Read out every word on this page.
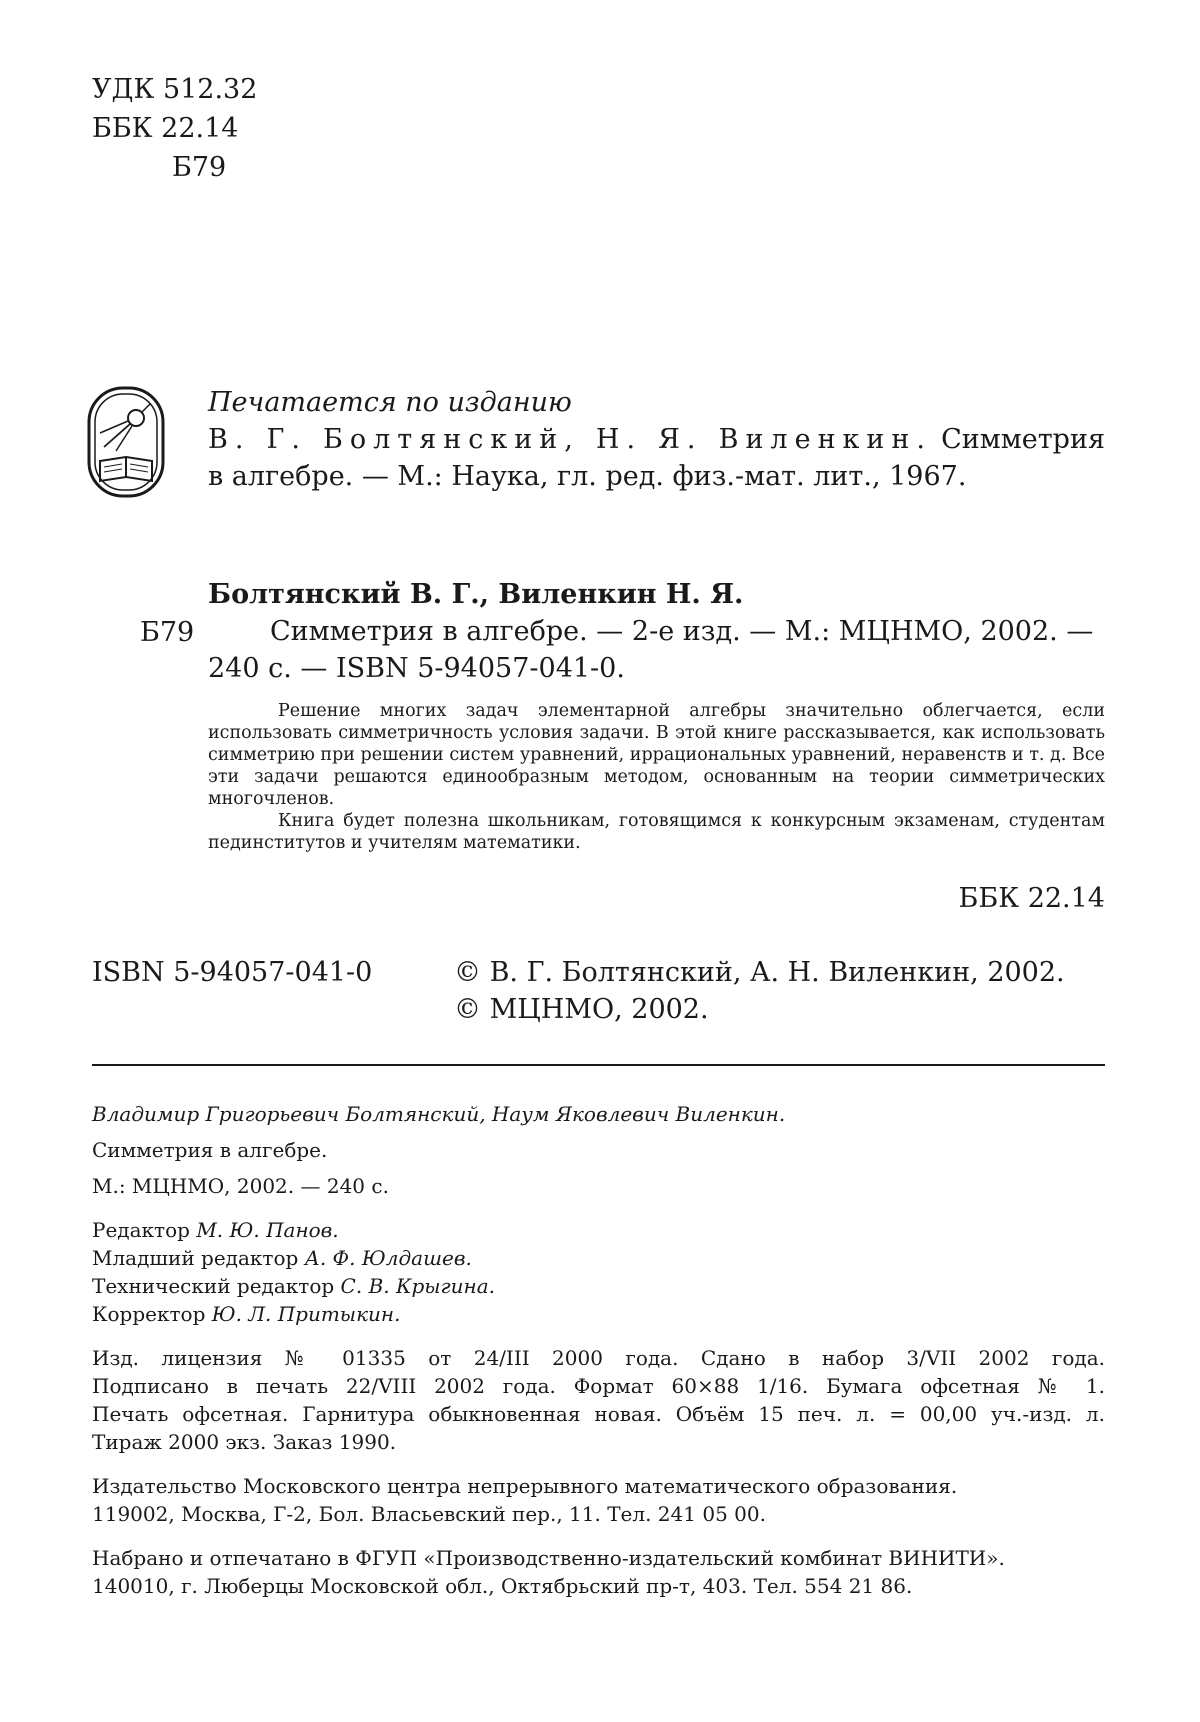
УДК 512.32
ББК 22.14
Б79
Печатается по изданию
В. Г. Болтянский, Н. Я. Виленкин. Симметрия
в алгебре. — М.: Наука, гл. ред. физ.-мат. лит., 1967.
Болтянский В. Г., Виленкин Н. Я.
Симметрия в алгебре. — 2-е изд. — М.: МЦНМО, 2002. —
240 с. — ISBN 5-94057-041-0.
Б79

Решение многих задач элементарной алгебры значительно облегчается, если использовать симметричность условия задачи. В этой книге рассказывается, как использовать симметрию при решении систем уравнений, иррациональных уравнений, неравенств и т. д. Все эти задачи решаются единообразным методом, основанным на теории симметрических многочленов.

Книга будет полезна школьникам, готовящимся к конкурсным экзаменам, студентам пединститутов и учителям математики.

ББК 22.14
ISBN 5-94057-041-0	© В. Г. Болтянский, А. Н. Виленкин, 2002.
© МЦНМО, 2002.
Владимир Григорьевич Болтянский, Наум Яковлевич Виленкин.
Симметрия в алгебре.
М.: МЦНМО, 2002. — 240 с.
Редактор М. Ю. Панов.
Младший редактор А. Ф. Юлдашев.
Технический редактор С. В. Крыгина.
Корректор Ю. Л. Притыкин.
Изд. лицензия № 01335 от 24/III 2000 года. Сдано в набор 3/VII 2002 года.
Подписано в печать 22/VIII 2002 года. Формат 60×88 1/16. Бумага офсетная № 1.
Печать офсетная. Гарнитура обыкновенная новая. Объём 15 печ. л. = 00,00 уч.-изд. л.
Тираж 2000 экз. Заказ 1990.
Издательство Московского центра непрерывного математического образования.
119002, Москва, Г-2, Бол. Власьевский пер., 11. Тел. 241 05 00.
Набрано и отпечатано в ФГУП «Производственно-издательский комбинат ВИНИТИ».
140010, г. Люберцы Московской обл., Октябрьский пр-т, 403. Тел. 554 21 86.
